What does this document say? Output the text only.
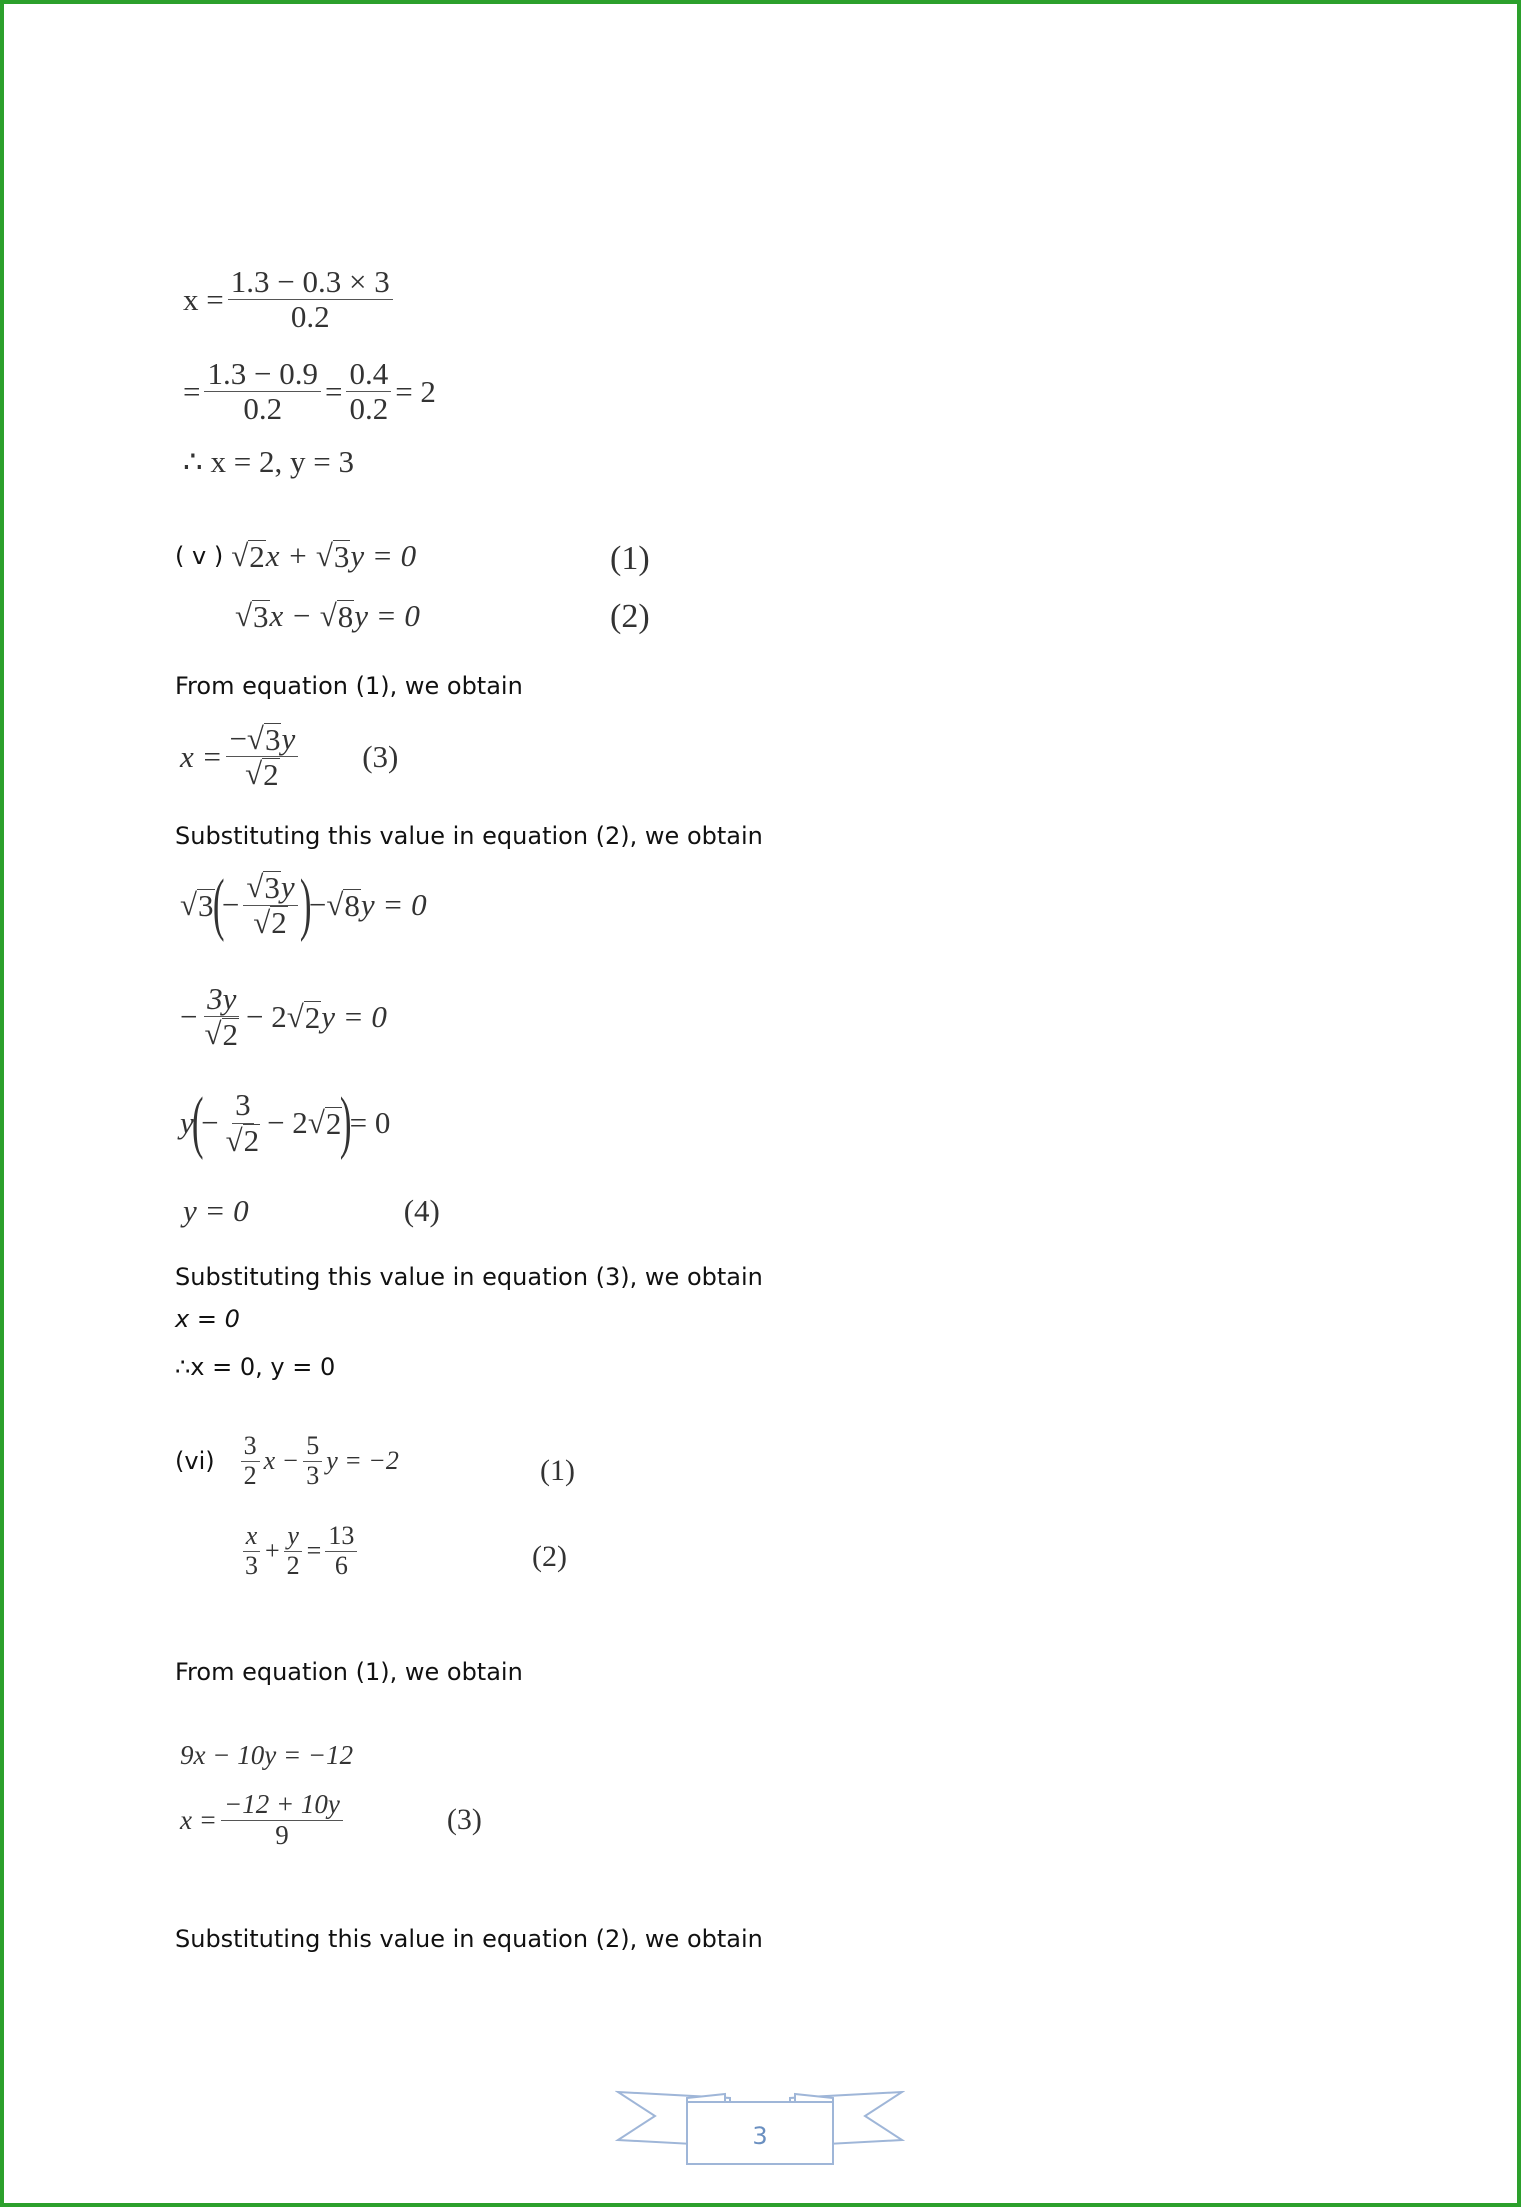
$x = \frac{1.3 - 0.3 \times 3}{0.2}$
= $\frac{1.3 - 0.9}{0.2} = \frac{0.4}{0.2} = 2$
∴ x = 2, y = 3
( v ) √ 2 x +
√ 3 y = 0	(1)
√ 3 x −
√ 8 y = 0	(2)
From equation (1), we obtain
$x = \frac{- √ 3 y}{√ 2} (3)$
Substituting this value in equation (2), we obtain
√ 3
(
− $\frac{√ 3 y}{√ 2}$ )
− √ 8 y = 0
− $\frac{3y}{√ 2} - 2$ √ 2 y = 0
y
(
− $\frac{3}{√ 2} - 2$ √ 2
)
= 0
y = 0	(4)
Substituting this value in equation (3), we obtain
x = 0
∴x = 0, y = 0
$(vi) \frac{3}{2}$ $x - \frac{5}{3}$ y = −2	(1)
$\frac{x}{3} + \frac{y}{2} = \frac{13}{6}$	(2)
From equation (1), we obtain
9x − 10y = −12
$x = \frac{-12 + 10y}{9}$	(3)
Substituting this value in equation (2), we obtain
3
